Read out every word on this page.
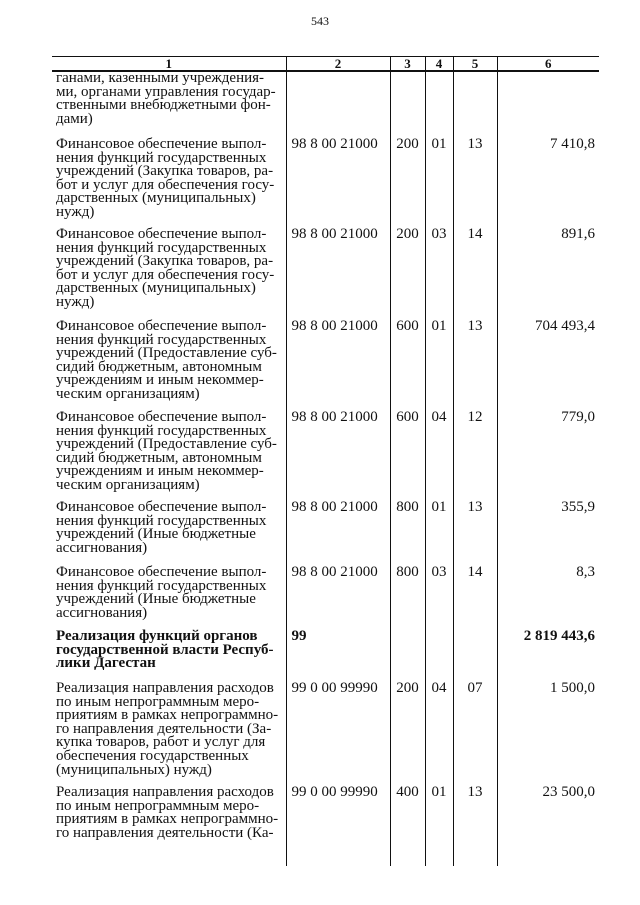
543
1	2	3	4	5	6
ганами, казенными учреждения-ми, органами управления государ-ственными внебюджетными фон-дами)					
Финансовое обеспечение выпол-нения функций государственных учреждений (Закупка товаров, ра-бот и услуг для обеспечения госу-дарственных (муниципальных) нужд)	98 8 00 21000	200	01	13	7 410,8
Финансовое обеспечение выпол-нения функций государственных учреждений (Закупка товаров, ра-бот и услуг для обеспечения госу-дарственных (муниципальных) нужд)	98 8 00 21000	200	03	14	891,6
Финансовое обеспечение выпол-нения функций государственных учреждений (Предоставление суб-сидий бюджетным, автономным учреждениям и иным некоммер-ческим организациям)	98 8 00 21000	600	01	13	704 493,4
Финансовое обеспечение выпол-нения функций государственных учреждений (Предоставление суб-сидий бюджетным, автономным учреждениям и иным некоммер-ческим организациям)	98 8 00 21000	600	04	12	779,0
Финансовое обеспечение выпол-нения функций государственных учреждений (Иные бюджетные ассигнования)	98 8 00 21000	800	01	13	355,9
Финансовое обеспечение выпол-нения функций государственных учреждений (Иные бюджетные ассигнования)	98 8 00 21000	800	03	14	8,3
Реализация функций органов государственной власти Респуб-лики Дагестан	99				2 819 443,6
Реализация направления расходов по иным непрограммным меро-приятиям в рамках непрограммно-го направления деятельности (За-купка товаров, работ и услуг для обеспечения государственных (муниципальных) нужд)	99 0 00 99990	200	04	07	1 500,0
Реализация направления расходов по иным непрограммным меро-приятиям в рамках непрограммно-го направления деятельности (Ка-	99 0 00 99990	400	01	13	23 500,0
